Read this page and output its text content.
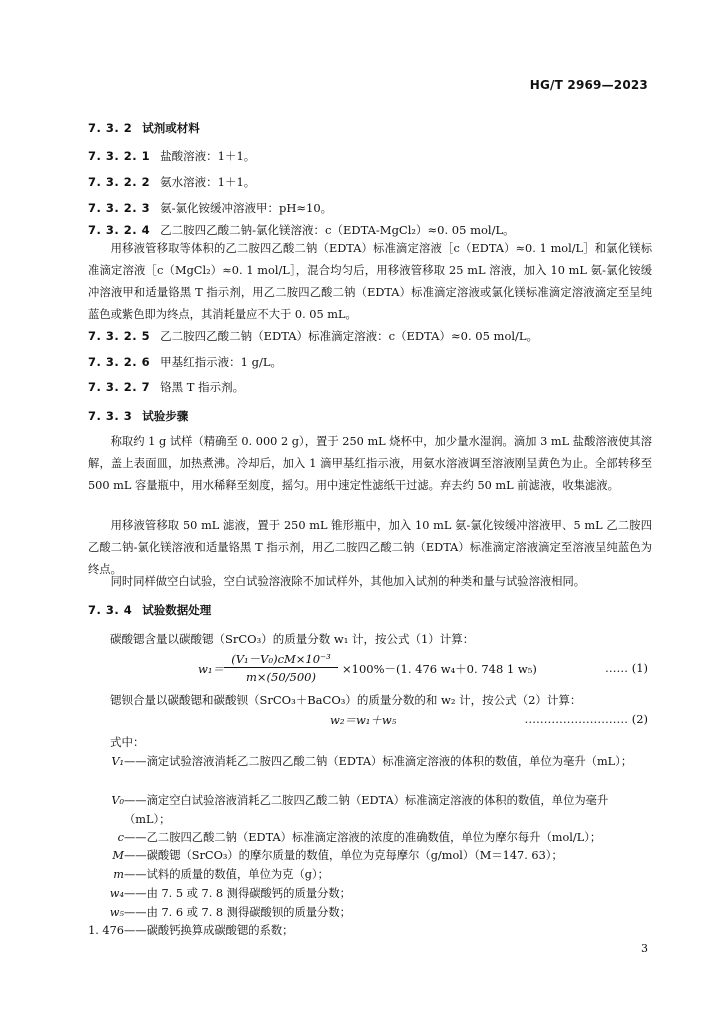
HG/T 2969—2023
7. 3. 2 试剂或材料
7. 3. 2. 1 盐酸溶液：1＋1。
7. 3. 2. 2 氨水溶液：1＋1。
7. 3. 2. 3 氨-氯化铵缓冲溶液甲：pH≈10。
7. 3. 2. 4 乙二胺四乙酸二钠-氯化镁溶液：c（EDTA-MgCl₂）≈0. 05 mol/L。

用移液管移取等体积的乙二胺四乙酸二钠（EDTA）标准滴定溶液［c（EDTA）≈0. 1 mol/L］和氯化镁标准滴定溶液［c（MgCl₂）≈0. 1 mol/L］，混合均匀后，用移液管移取 25 mL 溶液，加入 10 mL 氨-氯化铵缓冲溶液甲和适量铬黑 T 指示剂，用乙二胺四乙酸二钠（EDTA）标准滴定溶液或氯化镁标准滴定溶液滴定至呈纯蓝色或紫色即为终点，其消耗量应不大于 0. 05 mL。

7. 3. 2. 5 乙二胺四乙酸二钠（EDTA）标准滴定溶液：c（EDTA）≈0. 05 mol/L。
7. 3. 2. 6 甲基红指示液：1 g/L。
7. 3. 2. 7 铬黑 T 指示剂。
7. 3. 3 试验步骤

称取约 1 g 试样（精确至 0. 000 2 g），置于 250 mL 烧杯中，加少量水湿润。滴加 3 mL 盐酸溶液使其溶解，盖上表面皿，加热煮沸。冷却后，加入 1 滴甲基红指示液，用氨水溶液调至溶液刚呈黄色为止。全部转移至 500 mL 容量瓶中，用水稀释至刻度，摇匀。用中速定性滤纸干过滤。弃去约 50 mL 前滤液，收集滤液。

用移液管移取 50 mL 滤液，置于 250 mL 锥形瓶中，加入 10 mL 氨-氯化铵缓冲溶液甲、5 mL 乙二胺四乙酸二钠-氯化镁溶液和适量铬黑 T 指示剂，用乙二胺四乙酸二钠（EDTA）标准滴定溶液滴定至溶液呈纯蓝色为终点。

同时同样做空白试验，空白试验溶液除不加试样外，其他加入试剂的种类和量与试验溶液相同。

7. 3. 4 试验数据处理
碳酸锶含量以碳酸锶（SrCO₃）的质量分数 w₁ 计，按公式（1）计算：
w₁＝
(V₁－V₀)cM×10⁻³
m×(50/500)
×100%－(1. 476 w₄＋0. 748 1 w₅)	…… (1)
锶钡合量以碳酸锶和碳酸钡（SrCO₃＋BaCO₃）的质量分数的和 w₂ 计，按公式（2）计算：
w₂＝w₁＋w₅	……………………… (2)
式中：
V₁ ——滴定试验溶液消耗乙二胺四乙酸二钠（EDTA）标准滴定溶液的体积的数值，单位为毫升（mL）；
V₀ ——滴定空白试验溶液消耗乙二胺四乙酸二钠（EDTA）标准滴定溶液的体积的数值，单位为毫升（mL）；
c ——乙二胺四乙酸二钠（EDTA）标准滴定溶液的浓度的准确数值，单位为摩尔每升（mol/L）；
M ——碳酸锶（SrCO₃）的摩尔质量的数值，单位为克每摩尔（g/mol）（M＝147. 63）；
m ——试料的质量的数值，单位为克（g）；
w₄ ——由 7. 5 或 7. 8 测得碳酸钙的质量分数；
w₅ ——由 7. 6 或 7. 8 测得碳酸钡的质量分数；
1. 476 ——碳酸钙换算成碳酸锶的系数；
3
